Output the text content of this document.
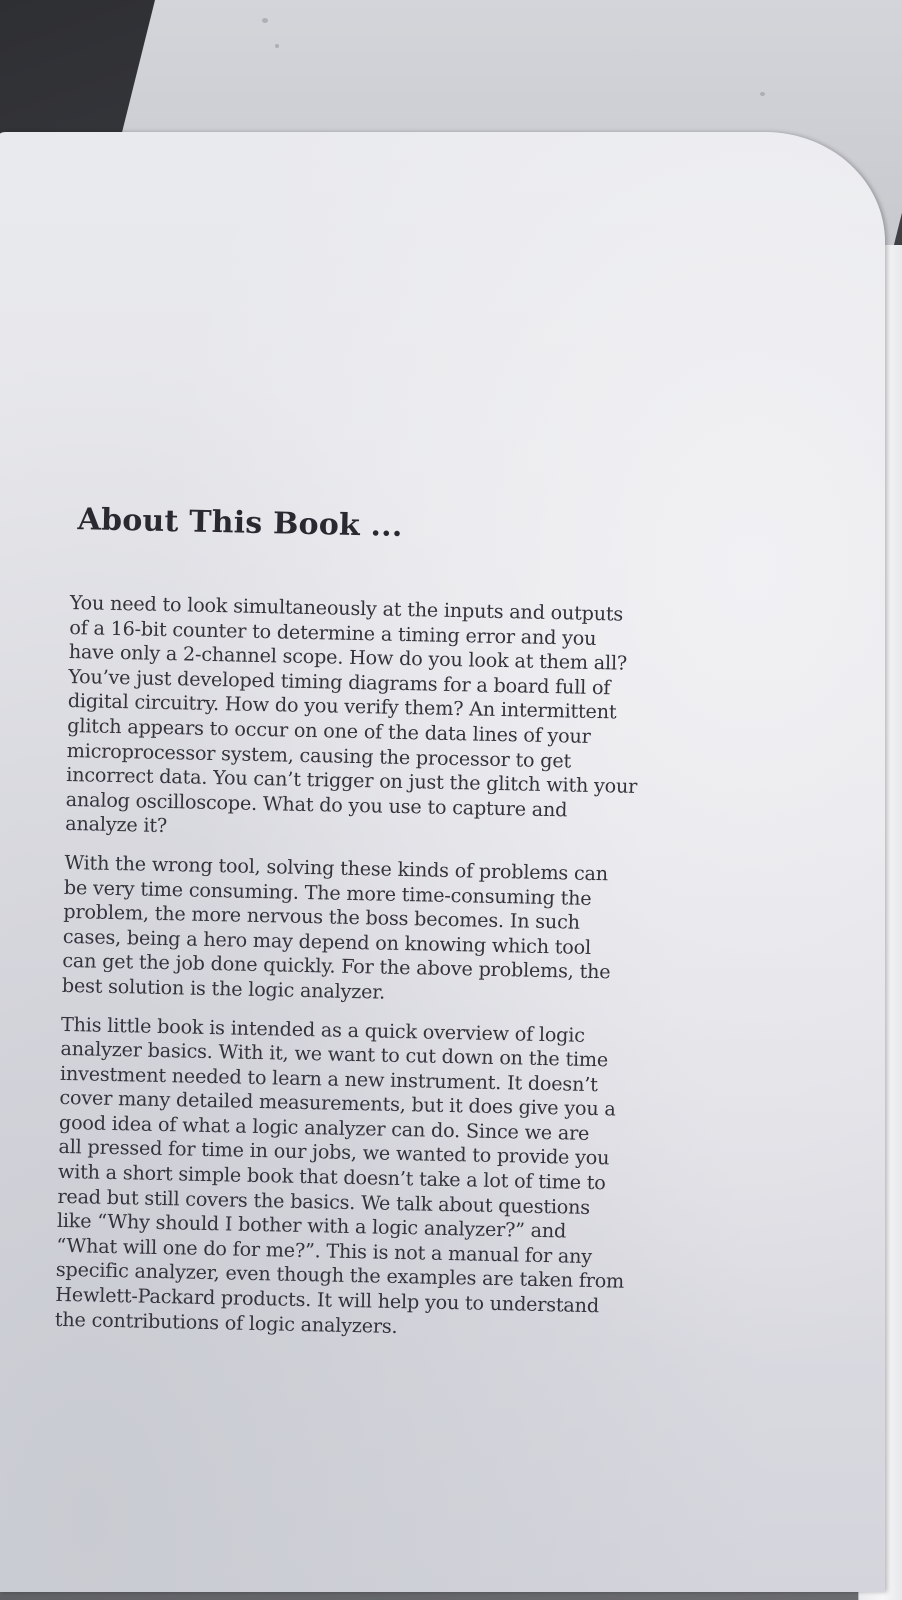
About This Book ...

You need to look simultaneously at the inputs and outputs
of a 16-bit counter to determine a timing error and you
have only a 2-channel scope. How do you look at them all?
You’ve just developed timing diagrams for a board full of
digital circuitry. How do you verify them? An intermittent
glitch appears to occur on one of the data lines of your
microprocessor system, causing the processor to get
incorrect data. You can’t trigger on just the glitch with your
analog oscilloscope. What do you use to capture and
analyze it?

With the wrong tool, solving these kinds of problems can
be very time consuming. The more time-consuming the
problem, the more nervous the boss becomes. In such
cases, being a hero may depend on knowing which tool
can get the job done quickly. For the above problems, the
best solution is the logic analyzer.

This little book is intended as a quick overview of logic
analyzer basics. With it, we want to cut down on the time
investment needed to learn a new instrument. It doesn’t
cover many detailed measurements, but it does give you a
good idea of what a logic analyzer can do. Since we are
all pressed for time in our jobs, we wanted to provide you
with a short simple book that doesn’t take a lot of time to
read but still covers the basics. We talk about questions
like “Why should I bother with a logic analyzer?” and
“What will one do for me?”. This is not a manual for any
specific analyzer, even though the examples are taken from
Hewlett-Packard products. It will help you to understand
the contributions of logic analyzers.
